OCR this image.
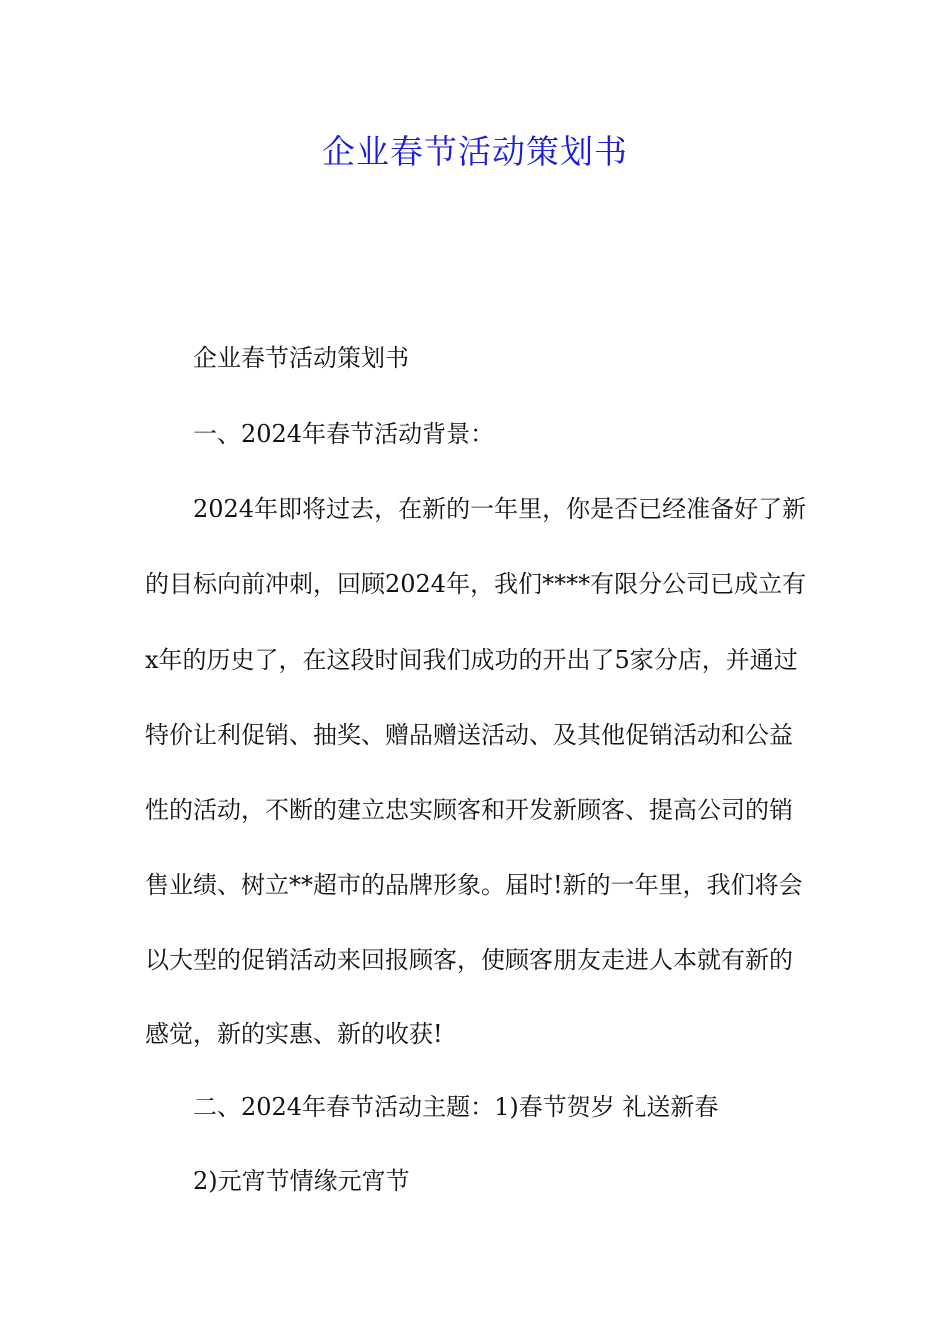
企业春节活动策划书
企业春节活动策划书
一、2024年春节活动背景：
2024年即将过去，在新的一年里，你是否已经准备好了新
的目标向前冲刺，回顾2024年，我们****有限分公司已成立有
x年的历史了，在这段时间我们成功的开出了5家分店，并通过
特价让利促销、抽奖、赠品赠送活动、及其他促销活动和公益
性的活动，不断的建立忠实顾客和开发新顾客、提高公司的销
售业绩、树立**超市的品牌形象。届时!新的一年里，我们将会
以大型的促销活动来回报顾客，使顾客朋友走进人本就有新的
感觉，新的实惠、新的收获!
二、2024年春节活动主题：1)春节贺岁 礼送新春
2)元宵节情缘元宵节
